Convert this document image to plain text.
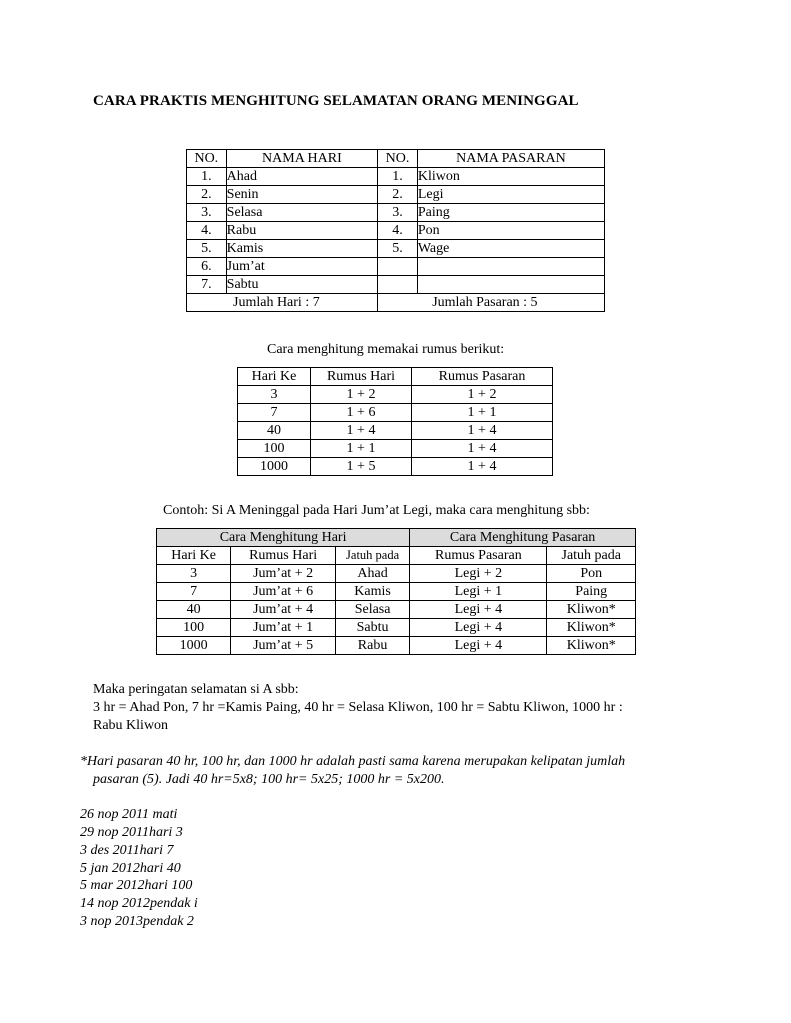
CARA PRAKTIS MENGHITUNG SELAMATAN ORANG MENINGGAL
NO.	NAMA HARI	NO.	NAMA PASARAN
1.	Ahad	1.	Kliwon
2.	Senin	2.	Legi
3.	Selasa	3.	Paing
4.	Rabu	4.	Pon
5.	Kamis	5.	Wage
6.	Jum’at		
7.	Sabtu		
Jumlah Hari : 7		Jumlah Pasaran : 5	
Cara menghitung memakai rumus berikut:
Hari Ke	Rumus Hari	Rumus Pasaran
3	1 + 2	1 + 2
7	1 + 6	1 + 1
40	1 + 4	1 + 4
100	1 + 1	1 + 4
1000	1 + 5	1 + 4
Contoh: Si A Meninggal pada Hari Jum’at Legi, maka cara menghitung sbb:
Cara Menghitung Hari			Cara Menghitung Pasaran	
Hari Ke	Rumus Hari	Jatuh pada	Rumus Pasaran	Jatuh pada
3	Jum’at + 2	Ahad	Legi + 2	Pon
7	Jum’at + 6	Kamis	Legi + 1	Paing
40	Jum’at + 4	Selasa	Legi + 4	Kliwon*
100	Jum’at + 1	Sabtu	Legi + 4	Kliwon*
1000	Jum’at + 5	Rabu	Legi + 4	Kliwon*
Maka peringatan selamatan si A sbb:
3 hr = Ahad Pon, 7 hr =Kamis Paing, 40 hr = Selasa Kliwon, 100 hr = Sabtu Kliwon, 1000 hr :
Rabu Kliwon
*Hari pasaran 40 hr, 100 hr, dan 1000 hr adalah pasti sama karena merupakan kelipatan jumlah
pasaran (5). Jadi 40 hr=5x8; 100 hr= 5x25; 1000 hr = 5x200.
26 nop 2011 mati
29 nop 2011hari 3
3 des 2011hari 7
5 jan 2012hari 40
5 mar 2012hari 100
14 nop 2012pendak i
3 nop 2013pendak 2
